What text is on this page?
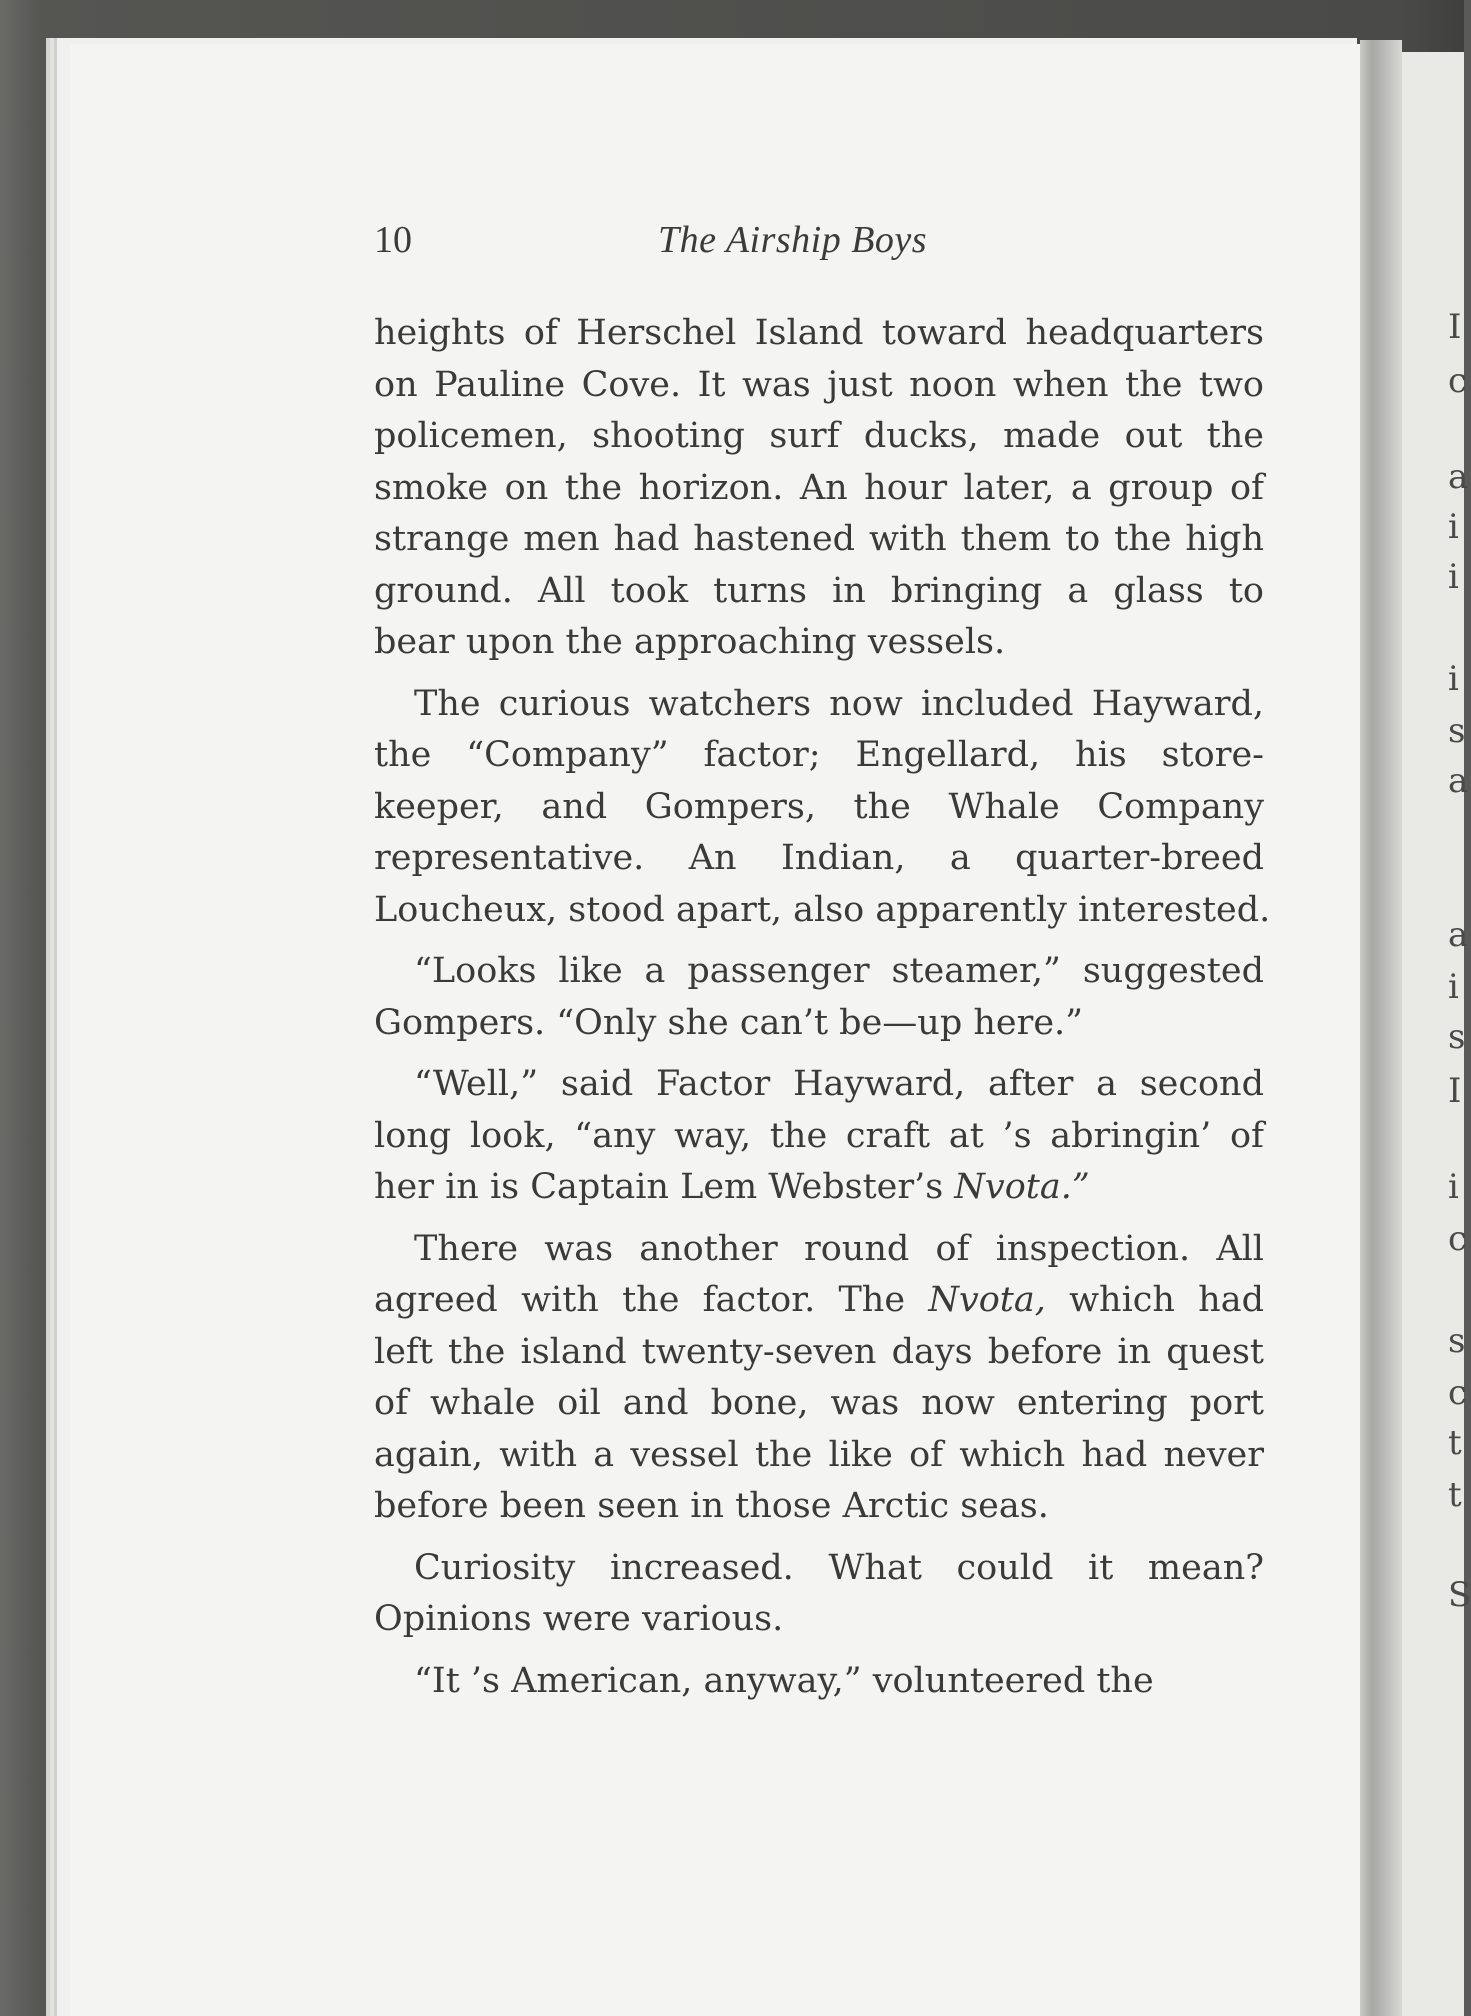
I
c
a
i
i
i
s
a
a
i
s
I
i
c
s
c
t
t
S
10	The Airship Boys
heights of Herschel Island toward headquarters
on Pauline Cove. It was just noon when the two
policemen, shooting surf ducks, made out the
smoke on the horizon. An hour later, a group of
strange men had hastened with them to the high
ground. All took turns in bringing a glass to
bear upon the approaching vessels.
The curious watchers now included Hayward,
the “Company” factor; Engellard, his store-
keeper, and Gompers, the Whale Company
representative. An Indian, a quarter-breed
Loucheux, stood apart, also apparently interested.
“Looks like a passenger steamer,” suggested
Gompers. “Only she can’t be—up here.”
“Well,” said Factor Hayward, after a second
long look, “any way, the craft at ’s abringin’ of
her in is Captain Lem Webster’s Nvota.”
There was another round of inspection. All
agreed with the factor. The Nvota, which had
left the island twenty-seven days before in quest
of whale oil and bone, was now entering port
again, with a vessel the like of which had never
before been seen in those Arctic seas.
Curiosity increased. What could it mean?
Opinions were various.
“It ’s American, anyway,” volunteered the
